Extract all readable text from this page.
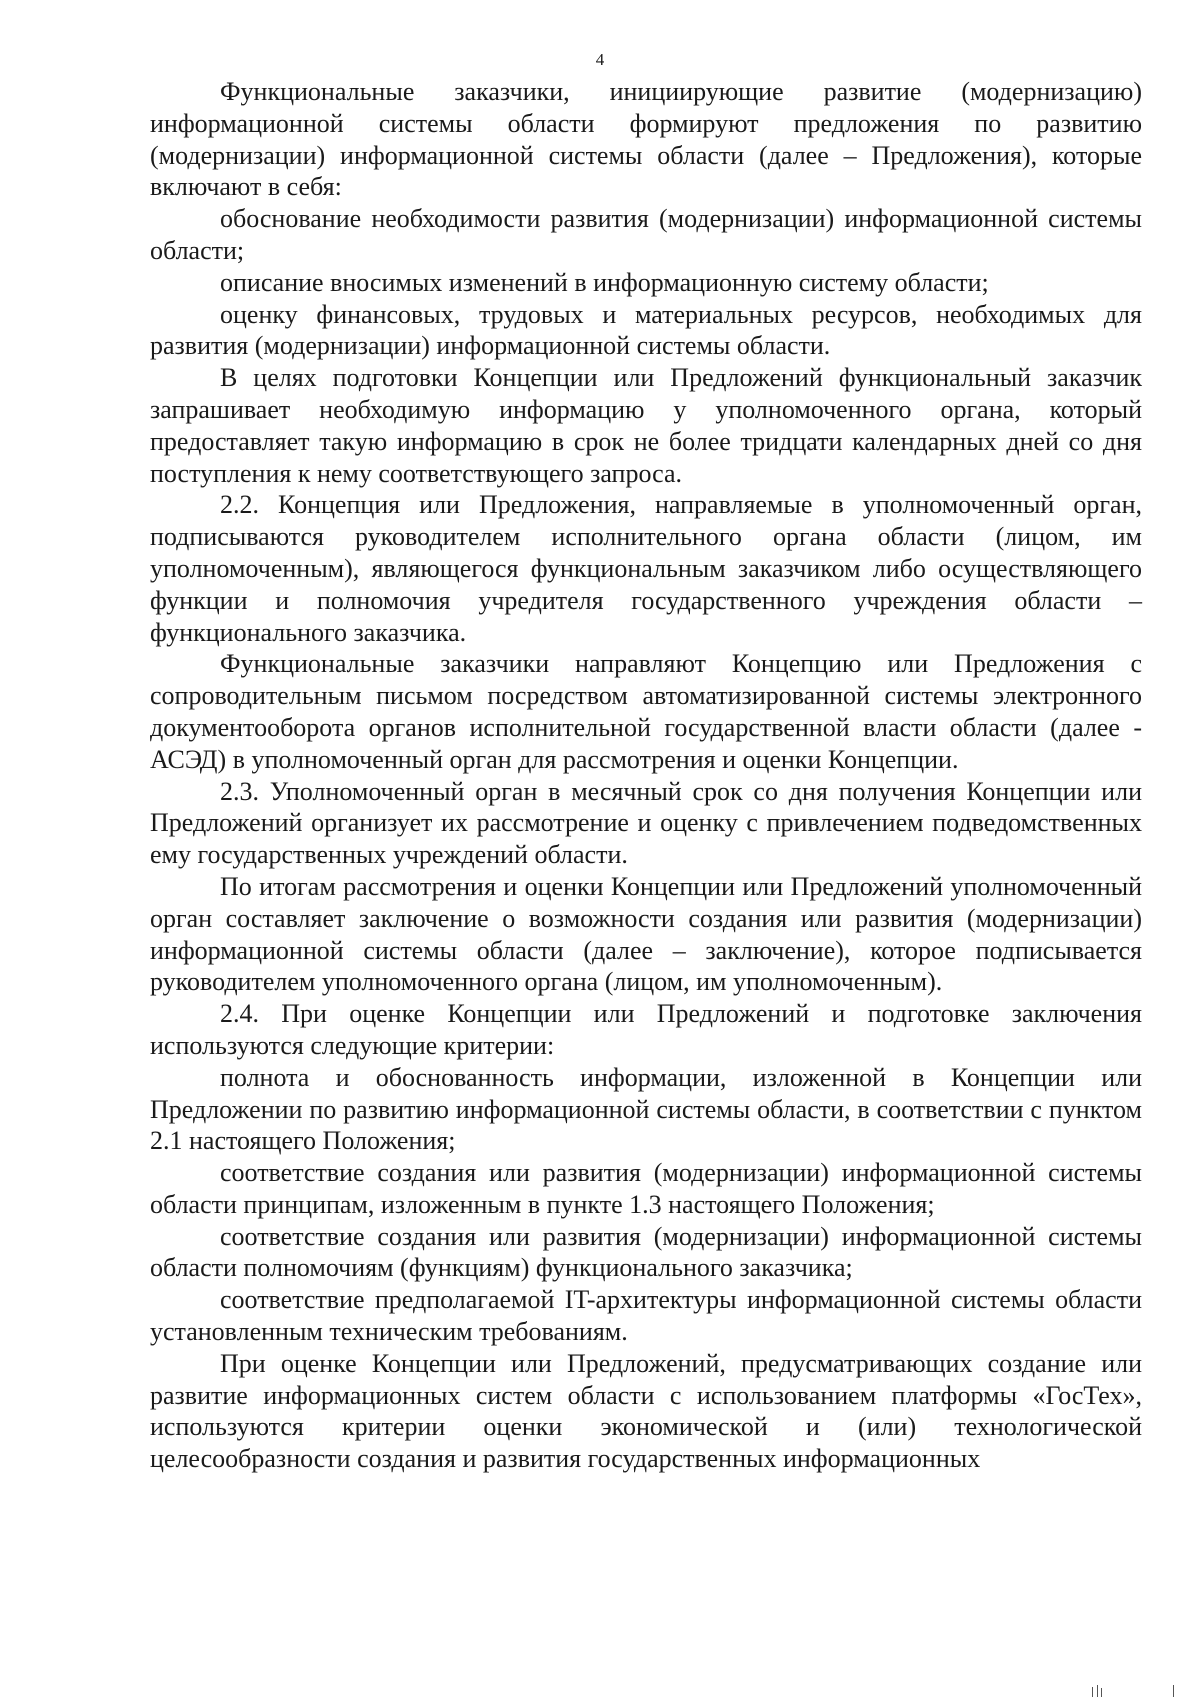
4

Функциональные заказчики, инициирующие развитие (модернизацию) информационной системы области формируют предложения по развитию (модернизации) информационной системы области (далее – Предложения), которые включают в себя:

обоснование необходимости развития (модернизации) информационной системы области;

описание вносимых изменений в информационную систему области;

оценку финансовых, трудовых и материальных ресурсов, необходимых для развития (модернизации) информационной системы области.

В целях подготовки Концепции или Предложений функциональный заказчик запрашивает необходимую информацию у уполномоченного органа, который предоставляет такую информацию в срок не более тридцати календарных дней со дня поступления к нему соответствующего запроса.

2.2. Концепция или Предложения, направляемые в уполномоченный орган, подписываются руководителем исполнительного органа области (лицом, им уполномоченным), являющегося функциональным заказчиком либо осуществляющего функции и полномочия учредителя государственного учреждения области – функционального заказчика.

Функциональные заказчики направляют Концепцию или Предложения с сопроводительным письмом посредством автоматизированной системы электронного документооборота органов исполнительной государственной власти области (далее - АСЭД) в уполномоченный орган для рассмотрения и оценки Концепции.

2.3. Уполномоченный орган в месячный срок со дня получения Концепции или Предложений организует их рассмотрение и оценку с привлечением подведомственных ему государственных учреждений области.

По итогам рассмотрения и оценки Концепции или Предложений уполномоченный орган составляет заключение о возможности создания или развития (модернизации) информационной системы области (далее – заключение), которое подписывается руководителем уполномоченного органа (лицом, им уполномоченным).

2.4. При оценке Концепции или Предложений и подготовке заключения используются следующие критерии:

полнота и обоснованность информации, изложенной в Концепции или Предложении по развитию информационной системы области, в соответствии с пунктом 2.1 настоящего Положения;

соответствие создания или развития (модернизации) информационной системы области принципам, изложенным в пункте 1.3 настоящего Положения;

соответствие создания или развития (модернизации) информационной системы области полномочиям (функциям) функционального заказчика;

соответствие предполагаемой IT-архитектуры информационной системы области установленным техническим требованиям.

При оценке Концепции или Предложений, предусматривающих создание или развитие информационных систем области с использованием платформы «ГосТех», используются критерии оценки экономической и (или) технологической целесообразности создания и развития государственных информационных
